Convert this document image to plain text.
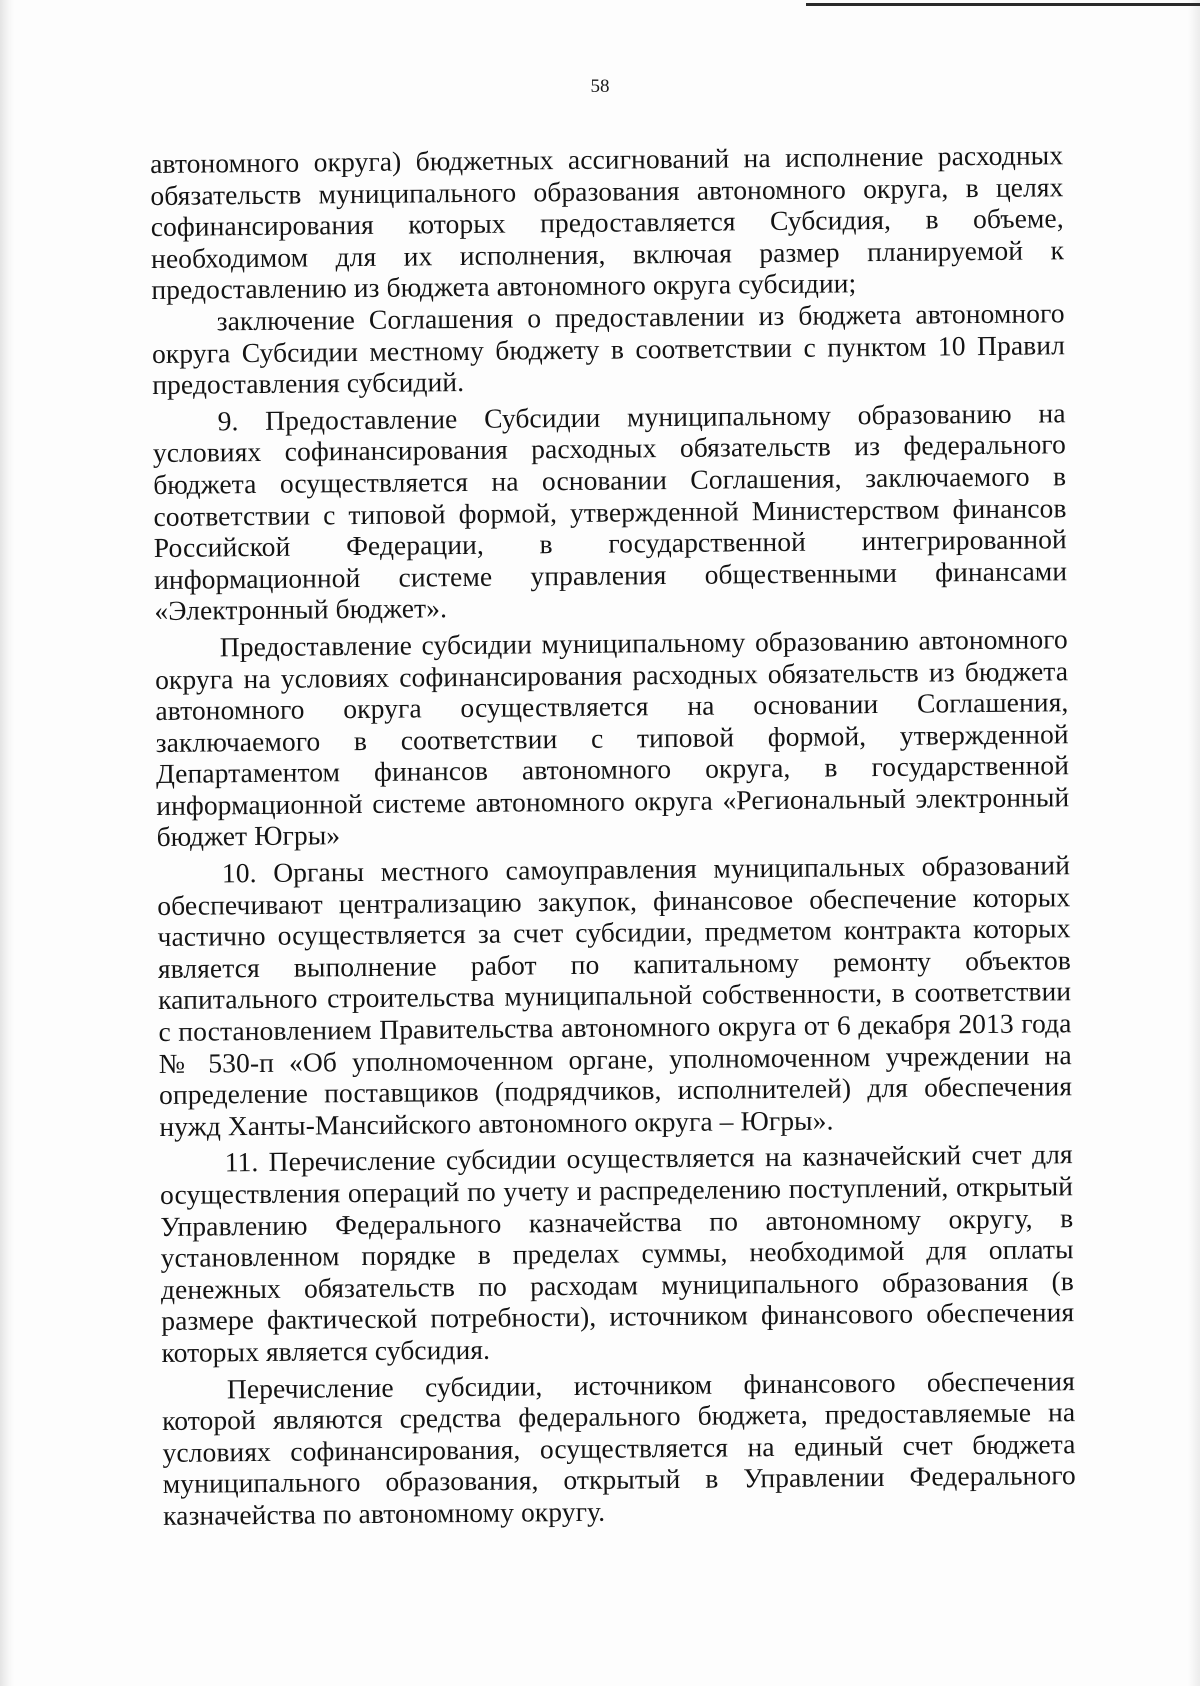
58

автономного округа) бюджетных ассигнований на исполнение расходных обязательств муниципального образования автономного округа, в целях софинансирования которых предоставляется Субсидия, в объеме, необходимом для их исполнения, включая размер планируемой к предоставлению из бюджета автономного округа субсидии;

заключение Соглашения о предоставлении из бюджета автономного округа Субсидии местному бюджету в соответствии с пунктом 10 Правил предоставления субсидий.

9. Предоставление Субсидии муниципальному образованию на условиях софинансирования расходных обязательств из федерального бюджета осуществляется на основании Соглашения, заключаемого в соответствии с типовой формой, утвержденной Министерством финансов Российской Федерации, в государственной интегрированной информационной системе управления общественными финансами «Электронный бюджет».

Предоставление субсидии муниципальному образованию автономного округа на условиях софинансирования расходных обязательств из бюджета автономного округа осуществляется на основании Соглашения, заключаемого в соответствии с типовой формой, утвержденной Департаментом финансов автономного округа, в государственной информационной системе автономного округа «Региональный электронный бюджет Югры»

10. Органы местного самоуправления муниципальных образований обеспечивают централизацию закупок, финансовое обеспечение которых частично осуществляется за счет субсидии, предметом контракта которых является выполнение работ по капитальному ремонту объектов капитального строительства муниципальной собственности, в соответствии с постановлением Правительства автономного округа от 6 декабря 2013 года № 530-п «Об уполномоченном органе, уполномоченном учреждении на определение поставщиков (подрядчиков, исполнителей) для обеспечения нужд Ханты-Мансийского автономного округа – Югры».

11. Перечисление субсидии осуществляется на казначейский счет для осуществления операций по учету и распределению поступлений, открытый Управлению Федерального казначейства по автономному округу, в установленном порядке в пределах суммы, необходимой для оплаты денежных обязательств по расходам муниципального образования (в размере фактической потребности), источником финансового обеспечения которых является субсидия.

Перечисление субсидии, источником финансового обеспечения которой являются средства федерального бюджета, предоставляемые на условиях софинансирования, осуществляется на единый счет бюджета муниципального образования, открытый в Управлении Федерального казначейства по автономному округу.
